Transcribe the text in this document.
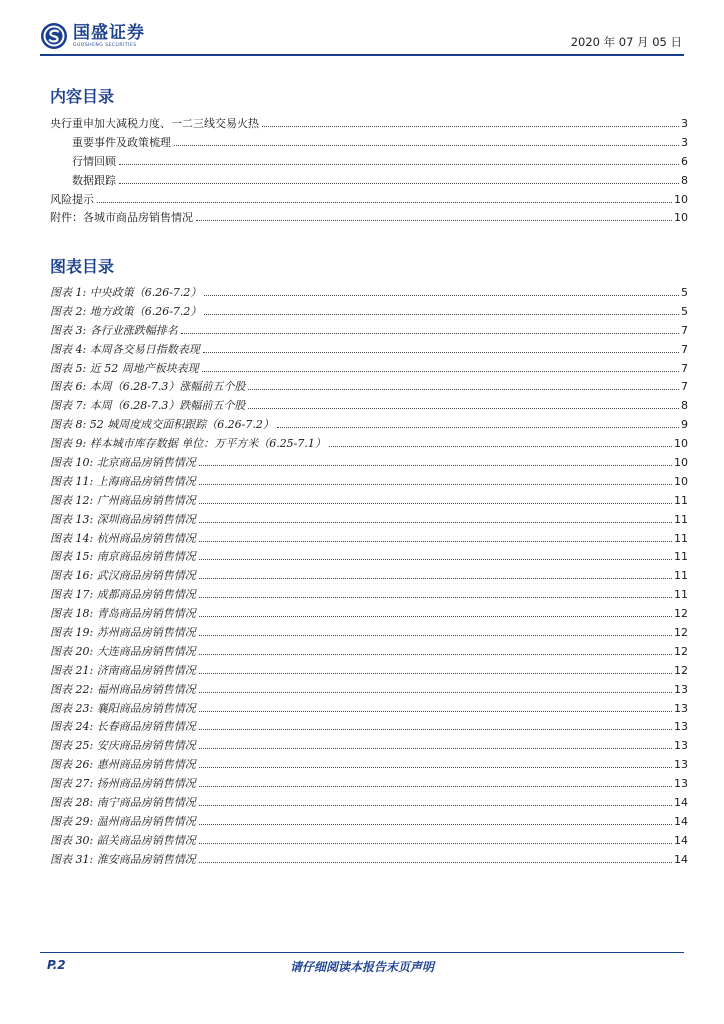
国盛证券
GUOSHENG SECURITIES	2020 年 07 月 05 日
内容目录
央行重申加大减税力度、一二三线交易火热	3
重要事件及政策梳理	3
行情回顾	6
数据跟踪	8
风险提示	10
附件：各城市商品房销售情况	10
图表目录
图表 1: 中央政策（6.26-7.2）	5
图表 2: 地方政策（6.26-7.2）	5
图表 3: 各行业涨跌幅排名	7
图表 4: 本周各交易日指数表现	7
图表 5: 近 52 周地产板块表现	7
图表 6: 本周（6.28-7.3）涨幅前五个股	7
图表 7: 本周（6.28-7.3）跌幅前五个股	8
图表 8: 52 城周度成交面积跟踪（6.26-7.2）	9
图表 9: 样本城市库存数据 单位：万平方米（6.25-7.1）	10
图表 10: 北京商品房销售情况	10
图表 11: 上海商品房销售情况	10
图表 12: 广州商品房销售情况	11
图表 13: 深圳商品房销售情况	11
图表 14: 杭州商品房销售情况	11
图表 15: 南京商品房销售情况	11
图表 16: 武汉商品房销售情况	11
图表 17: 成都商品房销售情况	11
图表 18: 青岛商品房销售情况	12
图表 19: 苏州商品房销售情况	12
图表 20: 大连商品房销售情况	12
图表 21: 济南商品房销售情况	12
图表 22: 福州商品房销售情况	13
图表 23: 襄阳商品房销售情况	13
图表 24: 长春商品房销售情况	13
图表 25: 安庆商品房销售情况	13
图表 26: 惠州商品房销售情况	13
图表 27: 扬州商品房销售情况	13
图表 28: 南宁商品房销售情况	14
图表 29: 温州商品房销售情况	14
图表 30: 韶关商品房销售情况	14
图表 31: 淮安商品房销售情况	14
P.2	请仔细阅读本报告末页声明
